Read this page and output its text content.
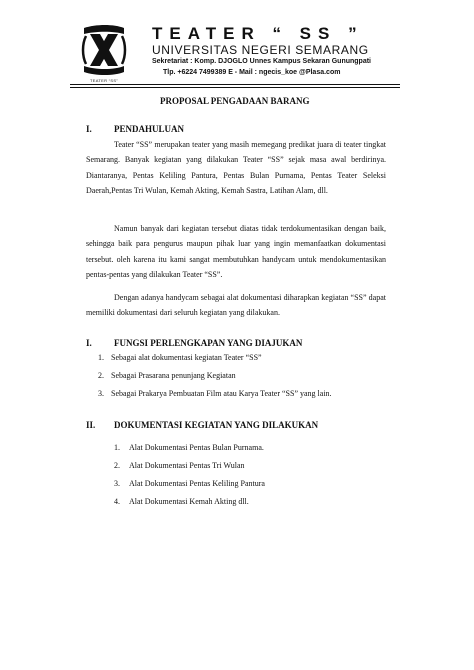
TEATER “SS”
TEATER “ SS ”
UNIVERSITAS NEGERI SEMARANG
Sekretariat : Komp. DJOGLO Unnes Kampus Sekaran Gunungpati
Tlp. +6224 7499389 E - Mail : ngecis_koe @Plasa.com
PROPOSAL PENGADAAN BARANG
I. PENDAHULUAN

Teater “SS” merupakan teater yang masih memegang predikat juara di teater tingkat Semarang. Banyak kegiatan yang dilakukan Teater “SS” sejak masa awal berdirinya. Diantaranya, Pentas Keliling Pantura, Pentas Bulan Purnama, Pentas Teater Seleksi Daerah,Pentas Tri Wulan, Kemah Akting, Kemah Sastra, Latihan Alam, dll.

Namun banyak dari kegiatan tersebut diatas tidak terdokumentasikan dengan baik, sehingga baik para pengurus maupun pihak luar yang ingin memanfaatkan dokumentasi tersebut. oleh karena itu kami sangat membutuhkan handycam untuk mendokumentasikan pentas-pentas yang dilakukan Teater “SS”.

Dengan adanya handycam sebagai alat dokumentasi diharapkan kegiatan “SS” dapat memiliki dokumentasi dari seluruh kegiatan yang dilakukan.

I. FUNGSI PERLENGKAPAN YANG DIAJUKAN
1. Sebagai alat dokumentasi kegiatan Teater “SS”
2. Sebagai Prasarana penunjang Kegiatan
3. Sebagai Prakarya Pembuatan Film atau Karya Teater “SS” yang lain.
II. DOKUMENTASI KEGIATAN YANG DILAKUKAN
1. Alat Dokumentasi Pentas Bulan Purnama.
2. Alat Dokumentasi Pentas Tri Wulan
3. Alat Dokumentasi Pentas Keliling Pantura
4. Alat Dokumentasi Kemah Akting dll.
